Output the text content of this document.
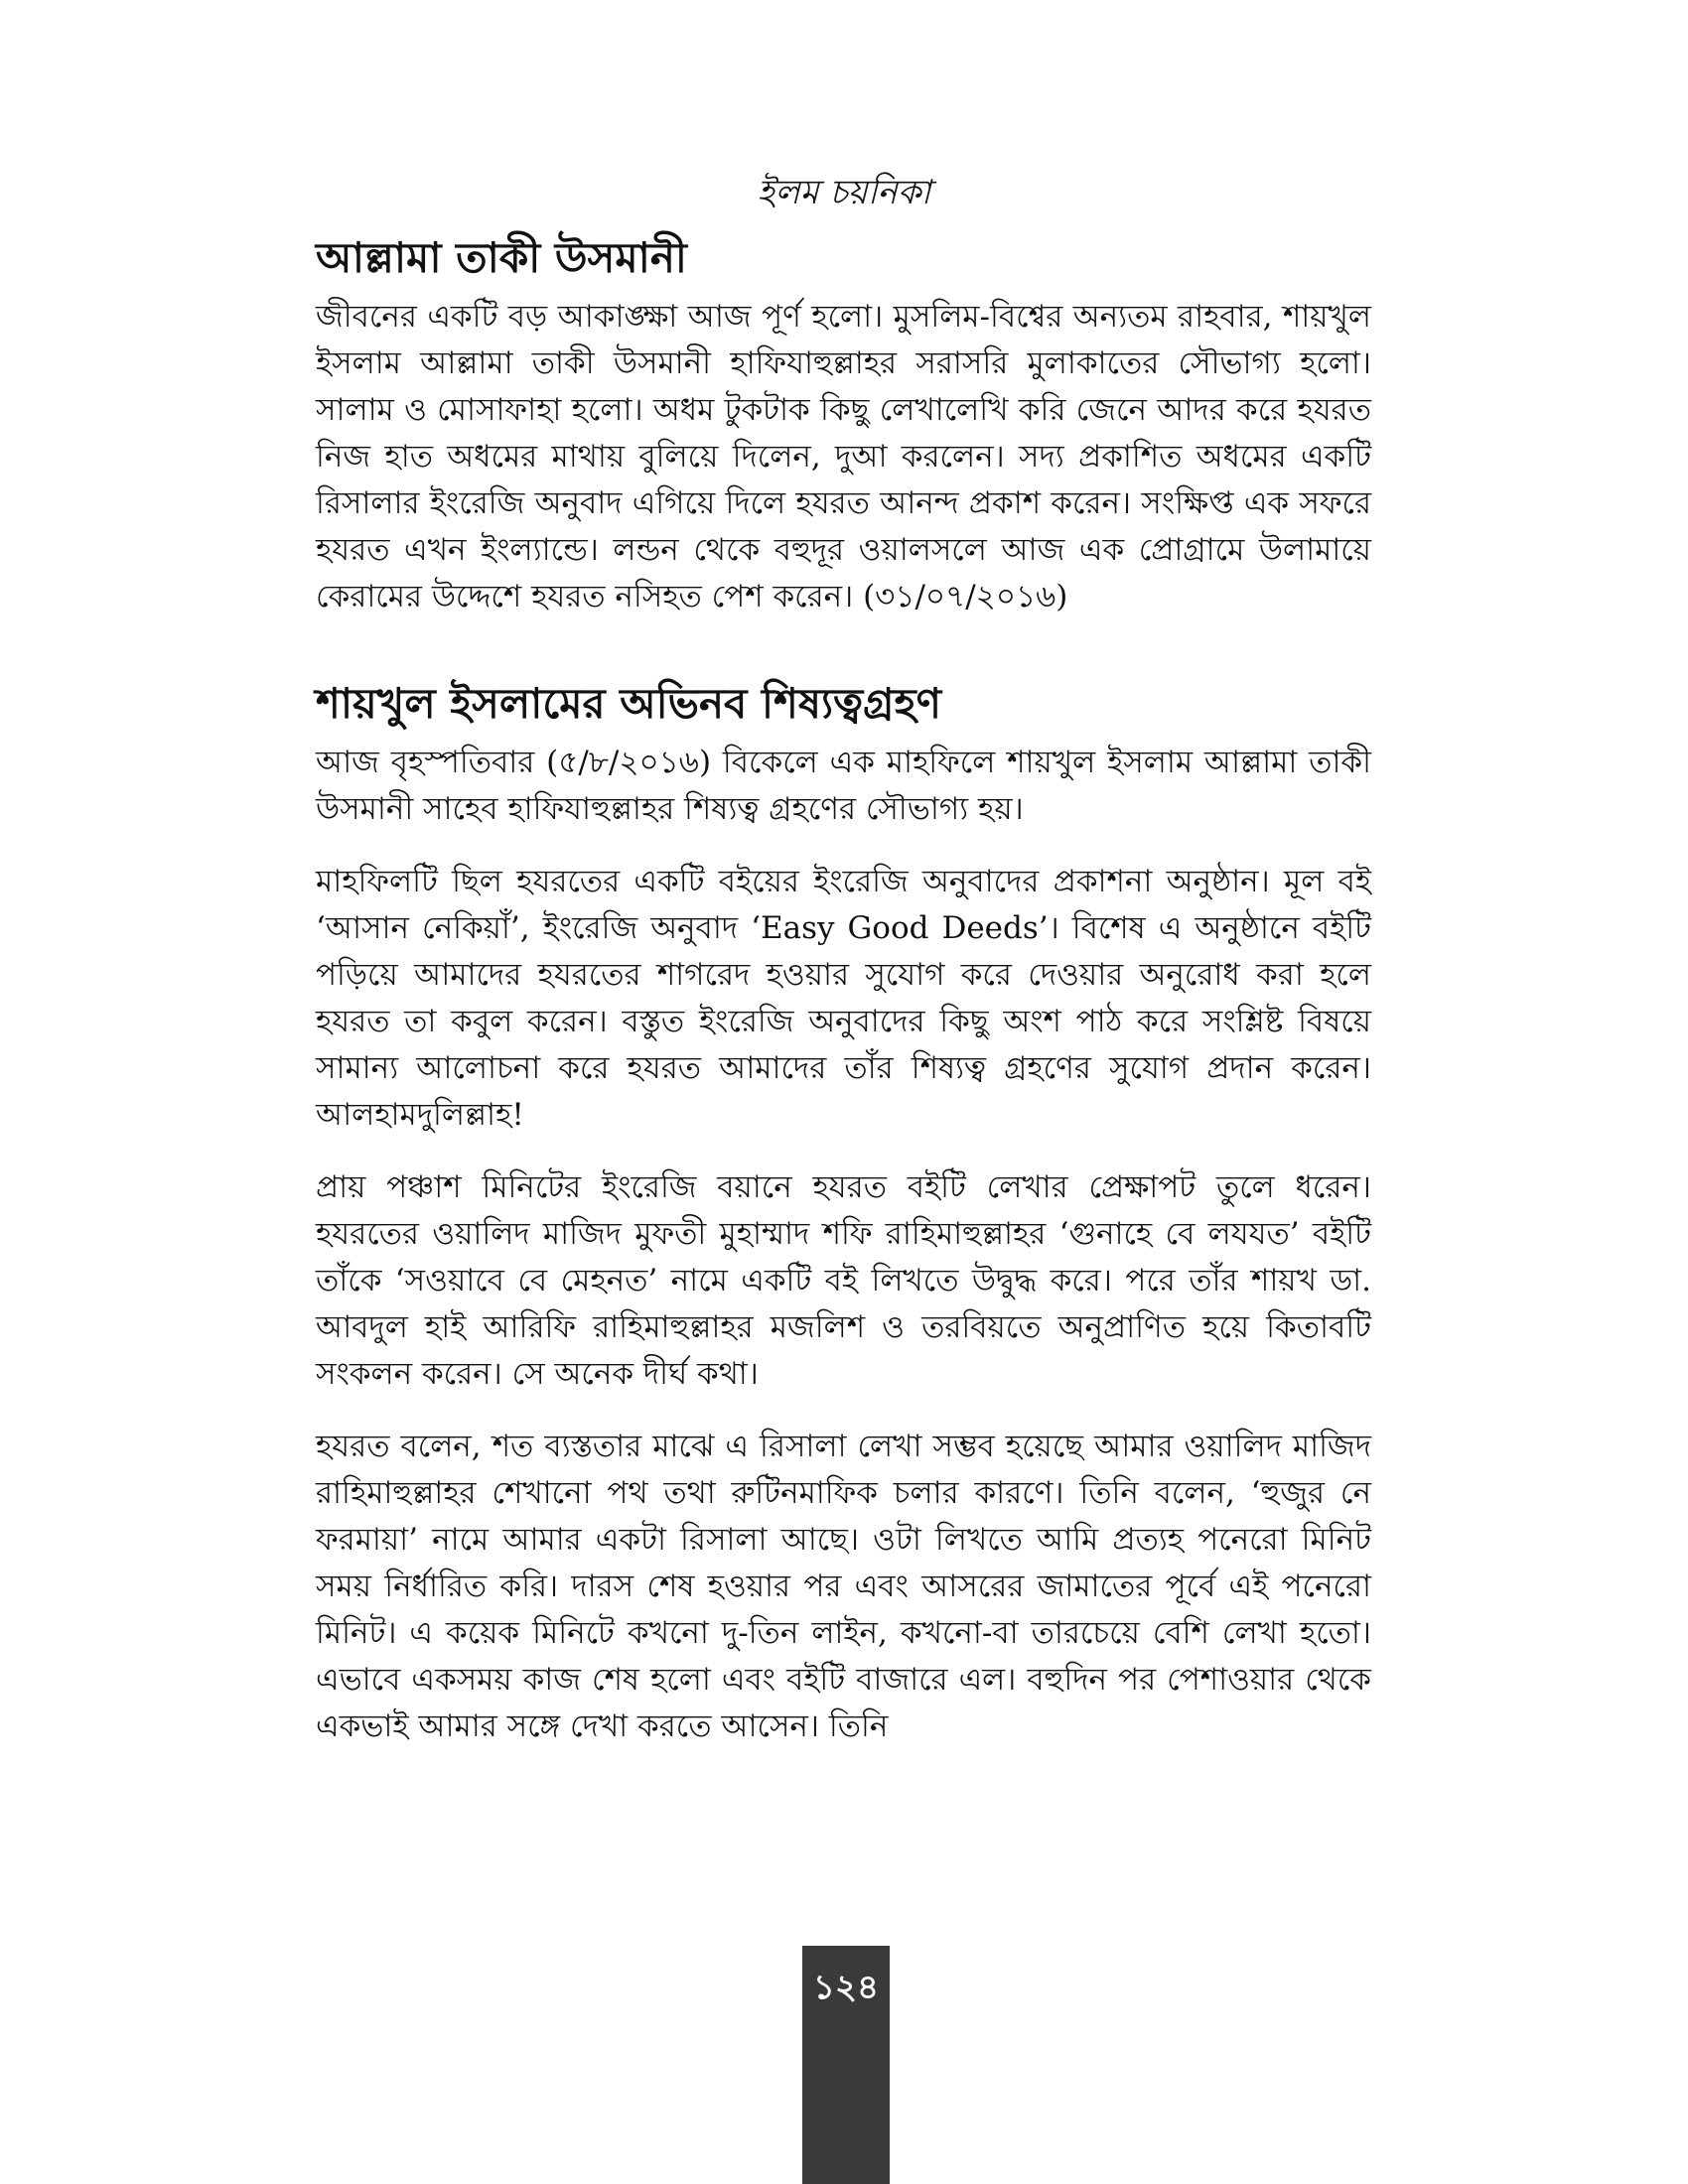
ইলম চয়নিকা
আল্লামা তাকী উসমানী

জীবনের একটি বড় আকাঙ্ক্ষা আজ পূর্ণ হলো। মুসলিম-বিশ্বের অন্যতম রাহবার, শায়খুল ইসলাম আল্লামা তাকী উসমানী হাফিযাহুল্লাহর সরাসরি মুলাকাতের সৌভাগ্য হলো। সালাম ও মোসাফাহা হলো। অধম টুকটাক কিছু লেখালেখি করি জেনে আদর করে হযরত নিজ হাত অধমের মাথায় বুলিয়ে দিলেন, দুআ করলেন। সদ্য প্রকাশিত অধমের একটি রিসালার ইংরেজি অনুবাদ এগিয়ে দিলে হযরত আনন্দ প্রকাশ করেন। সংক্ষিপ্ত এক সফরে হযরত এখন ইংল্যান্ডে। লন্ডন থেকে বহুদূর ওয়ালসলে আজ এক প্রোগ্রামে উলামায়ে কেরামের উদ্দেশে হযরত নসিহত পেশ করেন। (৩১/০৭/২০১৬)

শায়খুল ইসলামের অভিনব শিষ্যত্বগ্রহণ

আজ বৃহস্পতিবার (৫/৮/২০১৬) বিকেলে এক মাহফিলে শায়খুল ইসলাম আল্লামা তাকী উসমানী সাহেব হাফিযাহুল্লাহর শিষ্যত্ব গ্রহণের সৌভাগ্য হয়।

মাহফিলটি ছিল হযরতের একটি বইয়ের ইংরেজি অনুবাদের প্রকাশনা অনুষ্ঠান। মূল বই ‘আসান নেকিয়াঁ’, ইংরেজি অনুবাদ ‘Easy Good Deeds’। বিশেষ এ অনুষ্ঠানে বইটি পড়িয়ে আমাদের হযরতের শাগরেদ হওয়ার সুযোগ করে দেওয়ার অনুরোধ করা হলে হযরত তা কবুল করেন। বস্তুত ইংরেজি অনুবাদের কিছু অংশ পাঠ করে সংশ্লিষ্ট বিষয়ে সামান্য আলোচনা করে হযরত আমাদের তাঁর শিষ্যত্ব গ্রহণের সুযোগ প্রদান করেন। আলহামদুলিল্লাহ!

প্রায় পঞ্চাশ মিনিটের ইংরেজি বয়ানে হযরত বইটি লেখার প্রেক্ষাপট তুলে ধরেন। হযরতের ওয়ালিদ মাজিদ মুফতী মুহাম্মাদ শফি রাহিমাহুল্লাহর ‘গুনাহে বে লযযত’ বইটি তাঁকে ‘সওয়াবে বে মেহনত’ নামে একটি বই লিখতে উদ্বুদ্ধ করে। পরে তাঁর শায়খ ডা. আবদুল হাই আরিফি রাহিমাহুল্লাহর মজলিশ ও তরবিয়তে অনুপ্রাণিত হয়ে কিতাবটি সংকলন করেন। সে অনেক দীর্ঘ কথা।

হযরত বলেন, শত ব্যস্ততার মাঝে এ রিসালা লেখা সম্ভব হয়েছে আমার ওয়ালিদ মাজিদ রাহিমাহুল্লাহর শেখানো পথ তথা রুটিনমাফিক চলার কারণে। তিনি বলেন, ‘হুজুর নে ফরমায়া’ নামে আমার একটা রিসালা আছে। ওটা লিখতে আমি প্রত্যহ পনেরো মিনিট সময় নির্ধারিত করি। দারস শেষ হওয়ার পর এবং আসরের জামাতের পূর্বে এই পনেরো মিনিট। এ কয়েক মিনিটে কখনো দু-তিন লাইন, কখনো-বা তারচেয়ে বেশি লেখা হতো। এভাবে একসময় কাজ শেষ হলো এবং বইটি বাজারে এল। বহুদিন পর পেশাওয়ার থেকে একভাই আমার সঙ্গে দেখা করতে আসেন। তিনি

১২৪
